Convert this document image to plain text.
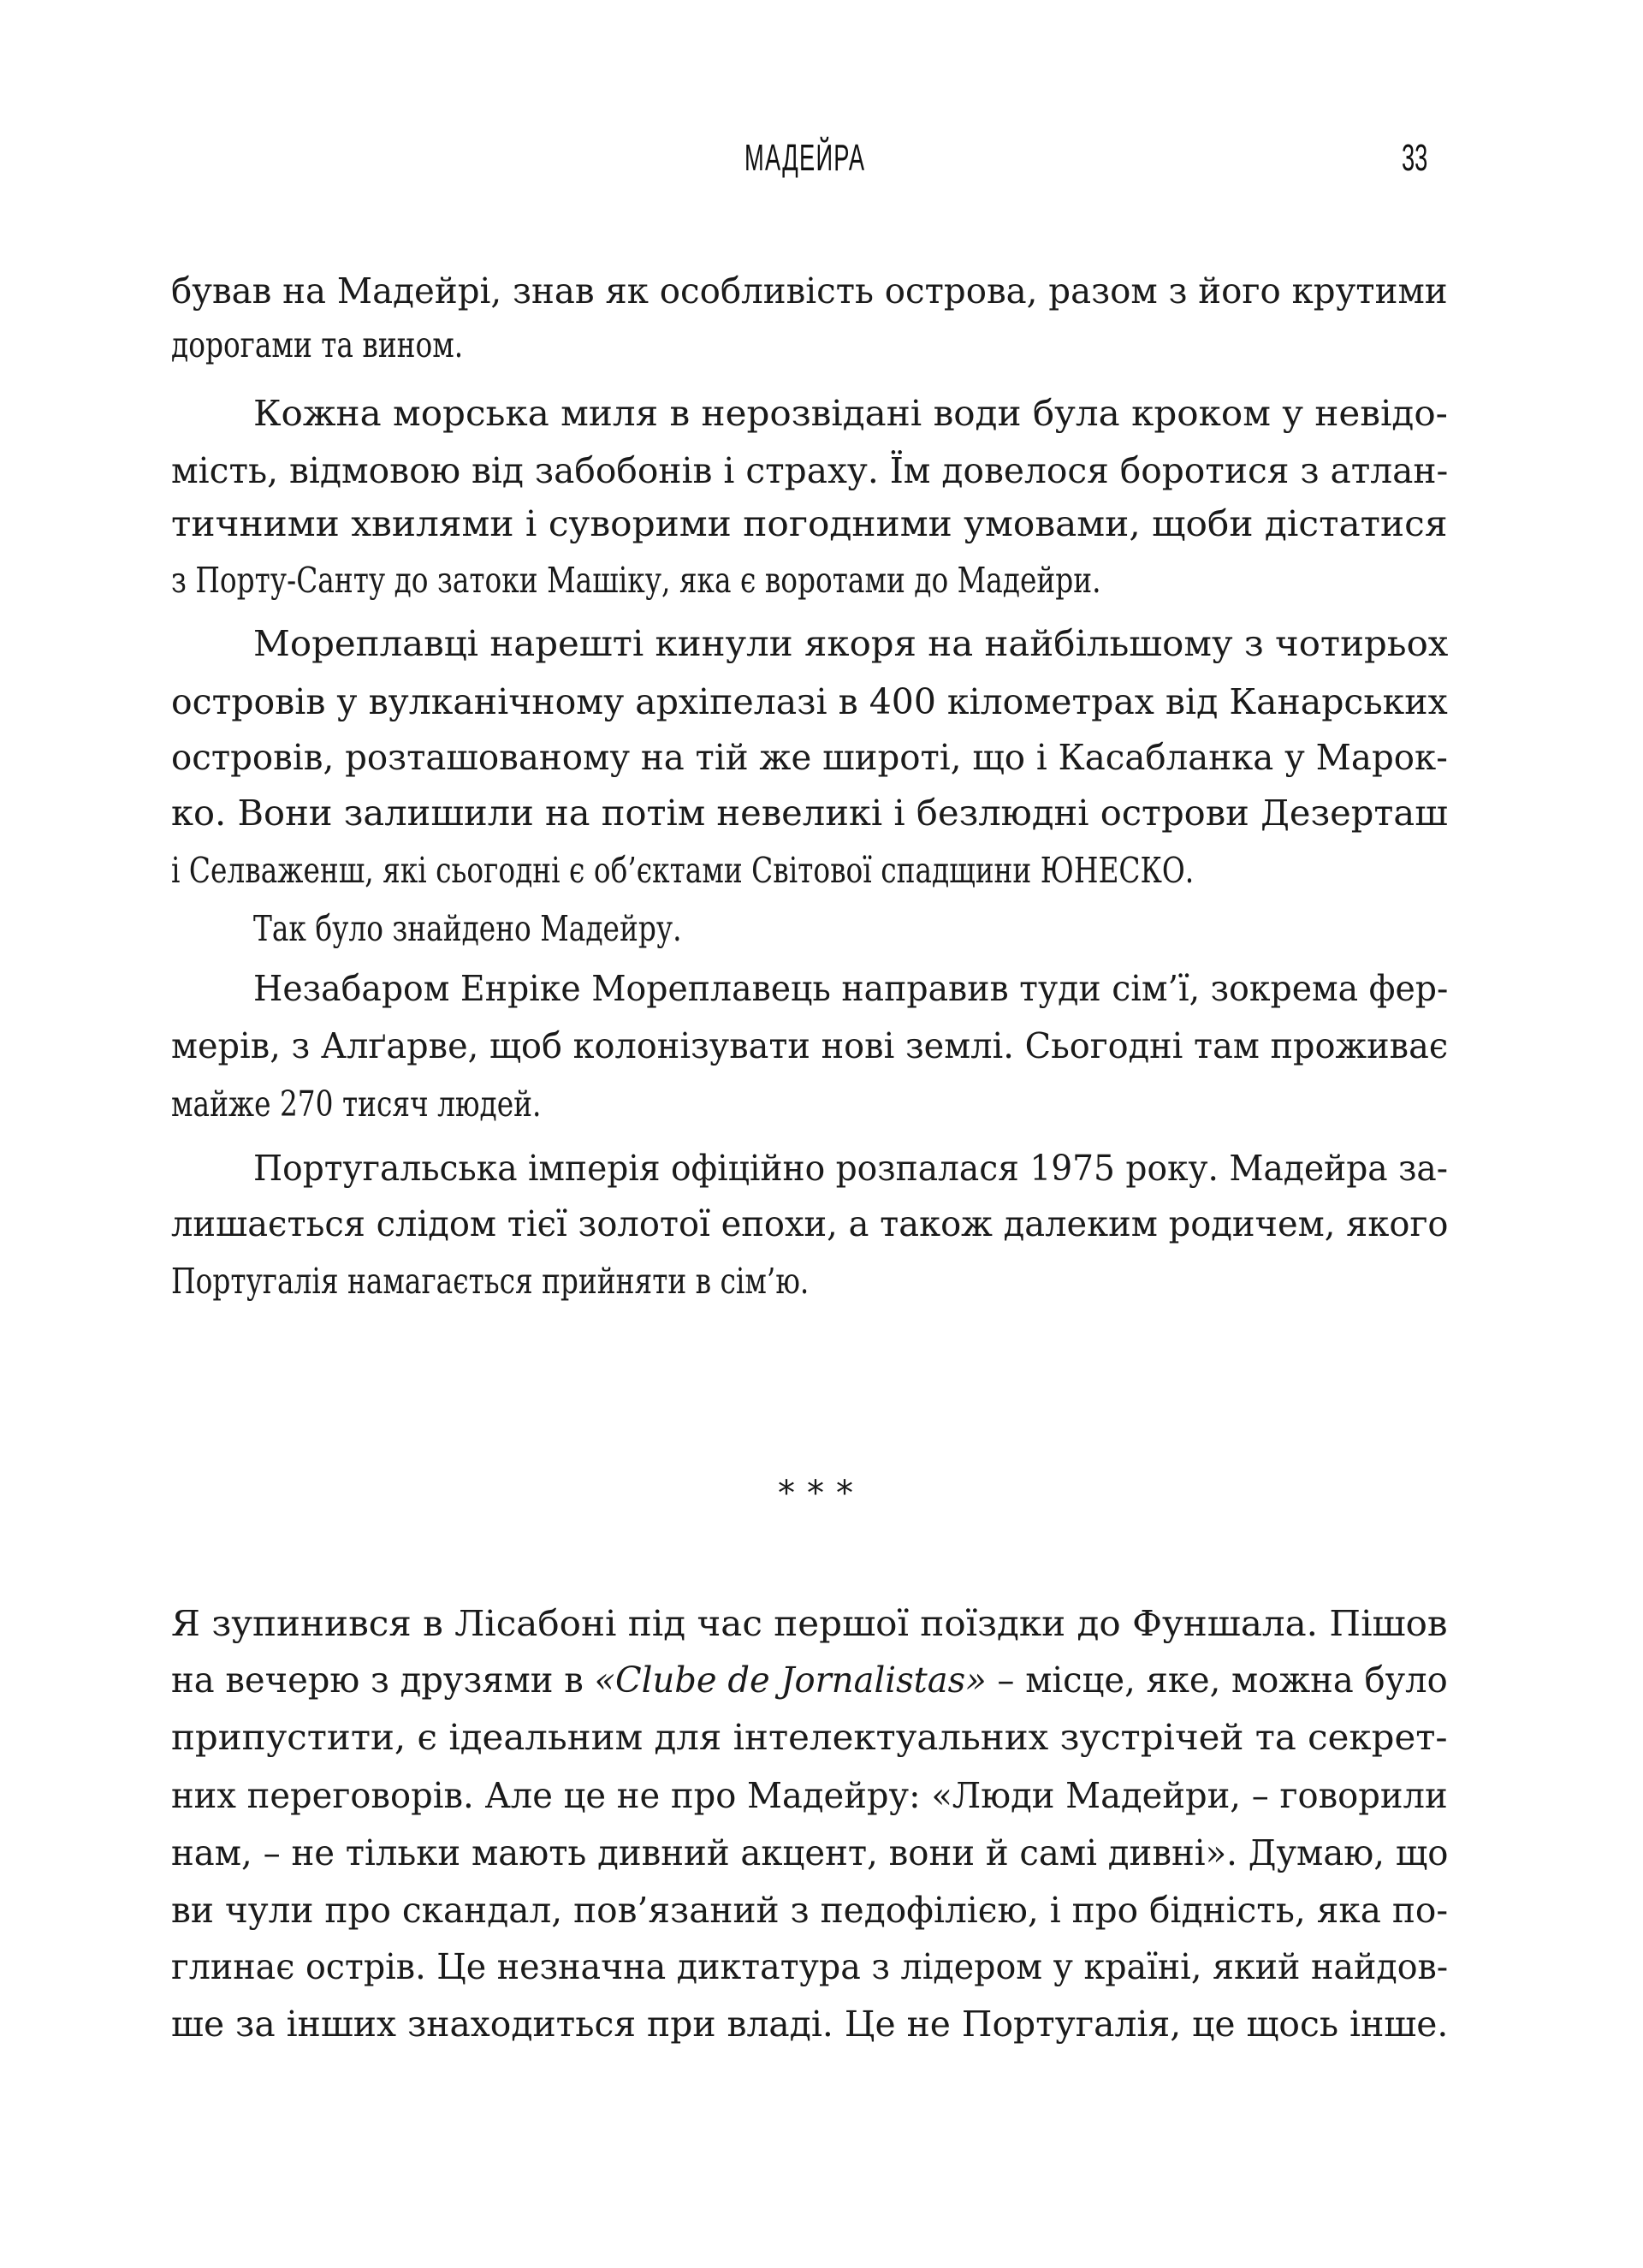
МАДЕЙРА	33
бував на Мадейрі, знав як особливість острова, разом з його крутими
дорогами та вином.
Кожна морська миля в нерозвідані води була кроком у невідо-
мість, відмовою від забобонів і страху. Їм довелося боротися з атлан-
тичними хвилями і суворими погодними умовами, щоби дістатися
з Порту-Санту до затоки Машіку, яка є воротами до Мадейри.
Мореплавці нарешті кинули якоря на найбільшому з чотирьох
островів у вулканічному архіпелазі в 400 кілометрах від Канарських
островів, розташованому на тій же широті, що і Касабланка у Марок-
ко. Вони залишили на потім невеликі і безлюдні острови Дезерташ
і Селваженш, які сьогодні є об’єктами Світової спадщини ЮНЕСКО.
Так було знайдено Мадейру.
Незабаром Енріке Мореплавець направив туди сім’ї, зокрема фер-
мерів, з Алґарве, щоб колонізувати нові землі. Сьогодні там проживає
майже 270 тисяч людей.
Португальська імперія офіційно розпалася 1975 року. Мадейра за-
лишається слідом тієї золотої епохи, а також далеким родичем, якого
Португалія намагається прийняти в сім’ю.
***
Я зупинився в Лісабоні під час першої поїздки до Фуншала. Пішов
на вечерю з друзями в «Clube de Jornalistas» – місце, яке, можна було
припустити, є ідеальним для інтелектуальних зустрічей та секрет-
них переговорів. Але це не про Мадейру: «Люди Мадейри, – говорили
нам, – не тільки мають дивний акцент, вони й самі дивні». Думаю, що
ви чули про скандал, пов’язаний з педофілією, і про бідність, яка по-
глинає острів. Це незначна диктатура з лідером у країні, який найдов-
ше за інших знаходиться при владі. Це не Португалія, це щось інше.
